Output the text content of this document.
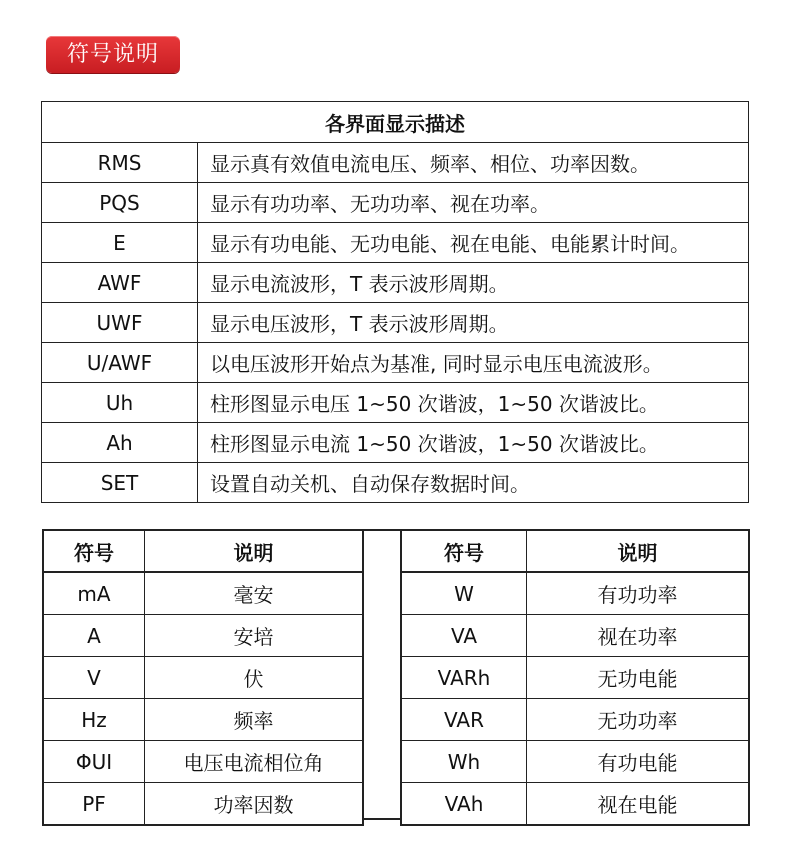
符号说明
各界面显示描述	
RMS	显示真有效值电流电压、频率、相位、功率因数。
PQS	显示有功功率、无功功率、视在功率。
E	显示有功电能、无功电能、视在电能、电能累计时间。
AWF	显示电流波形，T 表示波形周期。
UWF	显示电压波形，T 表示波形周期。
U/AWF	以电压波形开始点为基准, 同时显示电压电流波形。
Uh	柱形图显示电压 1~50 次谐波，1~50 次谐波比。
Ah	柱形图显示电流 1~50 次谐波，1~50 次谐波比。
SET	设置自动关机、自动保存数据时间。
符号	说明
mA	毫安
A	安培
V	伏
Hz	频率
ΦUI	电压电流相位角
PF	功率因数
符号	说明
W	有功功率
VA	视在功率
VARh	无功电能
VAR	无功功率
Wh	有功电能
VAh	视在电能
